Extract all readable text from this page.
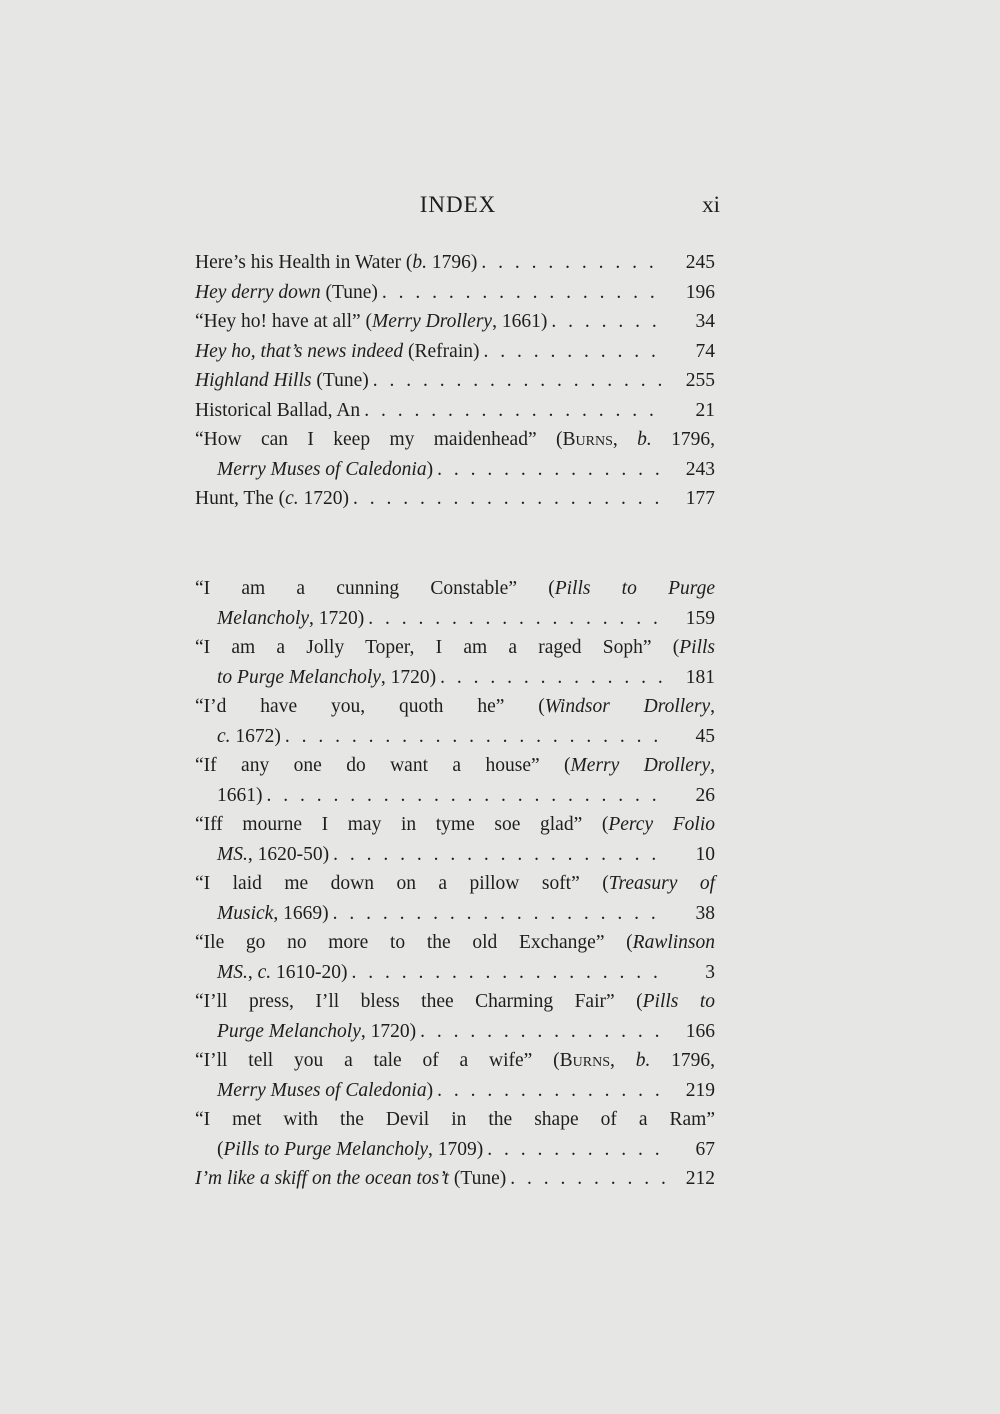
INDEX	xi
Here’s his Health in Water (b. 1796) . . .	245
Hey derry down (Tune) . . .	196
“Hey ho! have at all” (Merry Drollery, 1661) . . .	34
Hey ho, that’s news indeed (Refrain) . . .	74
Highland Hills (Tune) . . .	255
Historical Ballad, An . . .	21
“How can I keep my maidenhead” (Burns, b. 1796,
Merry Muses of Caledonia) . . .	243
Hunt, The (c. 1720) . . .	177
“I am a cunning Constable” (Pills to Purge
Melancholy, 1720) . . .	159
“I am a Jolly Toper, I am a raged Soph” (Pills
to Purge Melancholy, 1720) . . .	181
“I’d have you, quoth he” (Windsor Drollery,
c. 1672) . . .	45
“If any one do want a house” (Merry Drollery,
1661) . . .	26
“Iff mourne I may in tyme soe glad” (Percy Folio
MS., 1620-50) . . .	10
“I laid me down on a pillow soft” (Treasury of
Musick, 1669) . . .	38
“Ile go no more to the old Exchange” (Rawlinson
MS., c. 1610-20) . . .	3
“I’ll press, I’ll bless thee Charming Fair” (Pills to
Purge Melancholy, 1720) . . .	166
“I’ll tell you a tale of a wife” (Burns, b. 1796,
Merry Muses of Caledonia) . . .	219
“I met with the Devil in the shape of a Ram”
(Pills to Purge Melancholy, 1709) . . .	67
I’m like a skiff on the ocean tos’t (Tune) . . .	212
